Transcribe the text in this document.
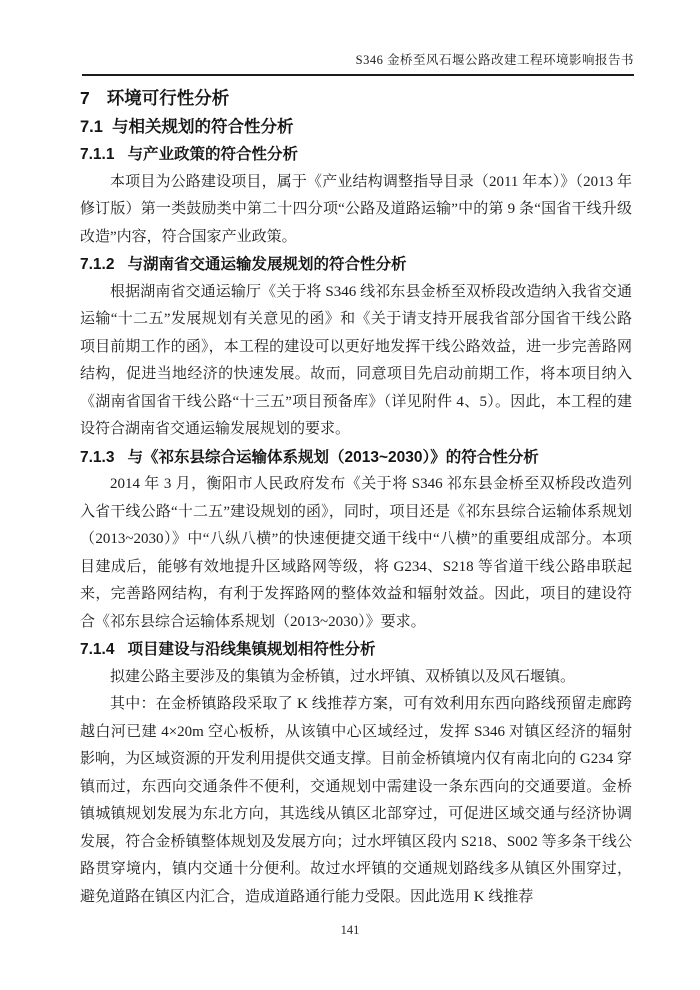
S346 金桥至风石堰公路改建工程环境影响报告书
7 环境可行性分析
7.1 与相关规划的符合性分析
7.1.1 与产业政策的符合性分析

本项目为公路建设项目，属于《产业结构调整指导目录（2011 年本）》（2013 年修订版）第一类鼓励类中第二十四分项“公路及道路运输”中的第 9 条“国省干线升级改造”内容，符合国家产业政策。

7.1.2 与湖南省交通运输发展规划的符合性分析

根据湖南省交通运输厅《关于将 S346 线祁东县金桥至双桥段改造纳入我省交通运输“十二五”发展规划有关意见的函》和《关于请支持开展我省部分国省干线公路项目前期工作的函》，本工程的建设可以更好地发挥干线公路效益，进一步完善路网结构，促进当地经济的快速发展。故而，同意项目先启动前期工作，将本项目纳入《湖南省国省干线公路“十三五”项目预备库》（详见附件 4、5）。因此，本工程的建设符合湖南省交通运输发展规划的要求。

7.1.3 与《祁东县综合运输体系规划（2013~2030）》的符合性分析

2014 年 3 月，衡阳市人民政府发布《关于将 S346 祁东县金桥至双桥段改造列入省干线公路“十二五”建设规划的函》，同时，项目还是《祁东县综合运输体系规划（2013~2030）》中“八纵八横”的快速便捷交通干线中“八横”的重要组成部分。本项目建成后，能够有效地提升区域路网等级，将 G234、S218 等省道干线公路串联起来，完善路网结构，有利于发挥路网的整体效益和辐射效益。因此，项目的建设符合《祁东县综合运输体系规划（2013~2030）》要求。

7.1.4 项目建设与沿线集镇规划相符性分析

拟建公路主要涉及的集镇为金桥镇，过水坪镇、双桥镇以及风石堰镇。

其中：在金桥镇路段采取了 K 线推荐方案，可有效利用东西向路线预留走廊跨越白河已建 4×20m 空心板桥，从该镇中心区域经过，发挥 S346 对镇区经济的辐射影响，为区域资源的开发利用提供交通支撑。目前金桥镇境内仅有南北向的 G234 穿镇而过，东西向交通条件不便利，交通规划中需建设一条东西向的交通要道。金桥镇城镇规划发展为东北方向，其选线从镇区北部穿过，可促进区域交通与经济协调发展，符合金桥镇整体规划及发展方向；过水坪镇区段内 S218、S002 等多条干线公路贯穿境内，镇内交通十分便利。故过水坪镇的交通规划路线多从镇区外围穿过，避免道路在镇区内汇合，造成道路通行能力受限。因此选用 K 线推荐

141
